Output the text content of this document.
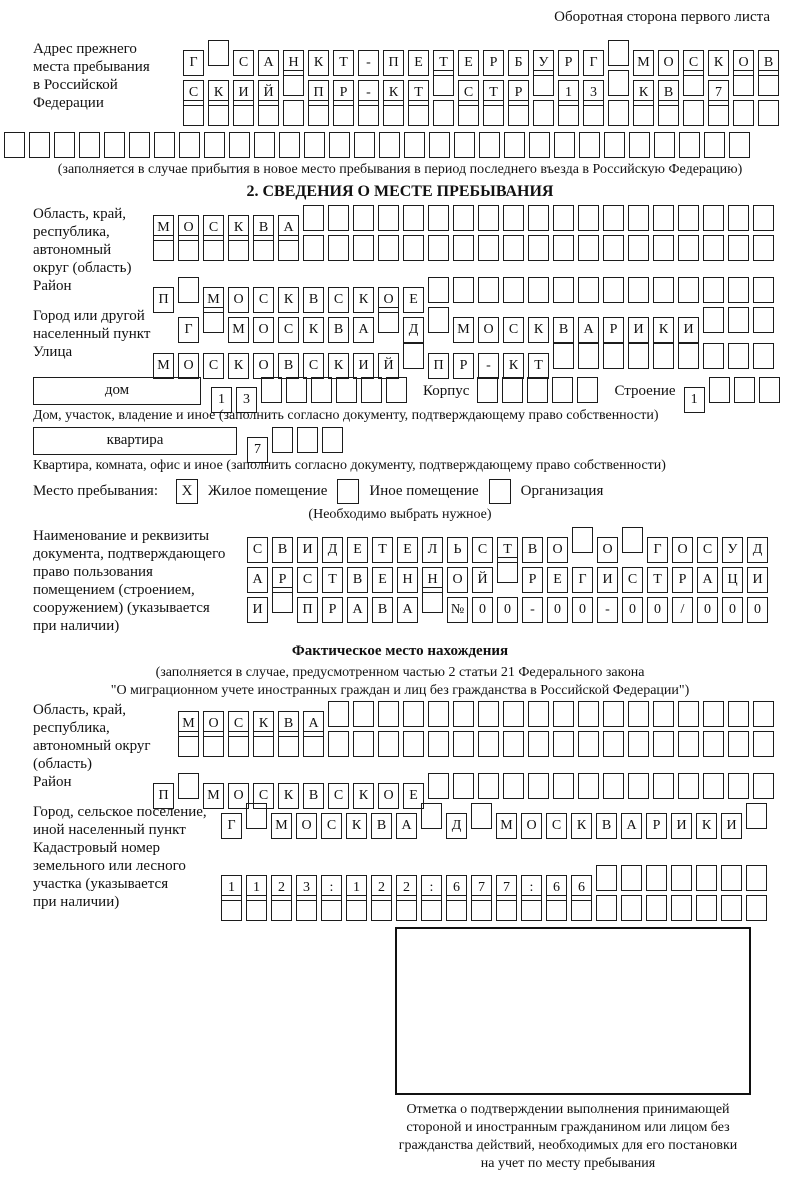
Оборотная сторона первого листа
Адрес прежнего
места пребывания
в Российской
Федерации
Г	С А Н К Т - П Е Т Е Р Б У Р Г	М О С К О В
С К И Й	П Р - К Т	С Т Р	1 3	К В	7
(заполняется в случае прибытия в новое место пребывания в период последнего въезда в Российскую Федерацию)
2. СВЕДЕНИЯ О МЕСТЕ ПРЕБЫВАНИЯ
Область, край,
республика,
автономный
округ (область)
М О С К В А
Район
П	М О С К В С К О Е
Город или другой
населенный пункт	Г	М О С К В А	Д	М О С К В А Р И К И
Улица
М О С К О В С К И Й	П Р - К Т
дом
1 3
Корпус	Строение
1
Дом, участок, владение и иное (заполнить согласно документу, подтверждающему право собственности)
квартира
7
Квартира, комната, офис и иное (заполнить согласно документу, подтверждающему право собственности)
Место пребывания:	X	Жилое помещение	Иное помещение	Организация
(Необходимо выбрать нужное)
Наименование и реквизиты
документа, подтверждающего
право пользования
помещением (строением,
сооружением) (указывается
при наличии)
С В И Д Е Т Е Л Ь С Т В О	О	Г О С У Д
А Р С Т В Е Н Н О Й	Р Е Г И С Т Р А Ц И
И	П Р А В А	№ 0 0 - 0 0 - 0 0 / 0 0 0
Фактическое место нахождения
(заполняется в случае, предусмотренном частью 2 статьи 21 Федерального закона
"О миграционном учете иностранных граждан и лиц без гражданства в Российской Федерации")
Область, край,
республика,
автономный округ
(область)
М О С К В А
Район
П	М О С К В С К О Е
Город, сельское поселение,
иной населенный пункт	Г	М О С К В А	Д	М О С К В А Р И К И
Кадастровый номер
земельного или лесного
участка (указывается
при наличии)
1 1 2 3 : 1 2 2 : 6 7 7 : 6 6
Отметка о подтверждении выполнения принимающей
стороной и иностранным гражданином или лицом без
гражданства действий, необходимых для его постановки
на учет по месту пребывания
